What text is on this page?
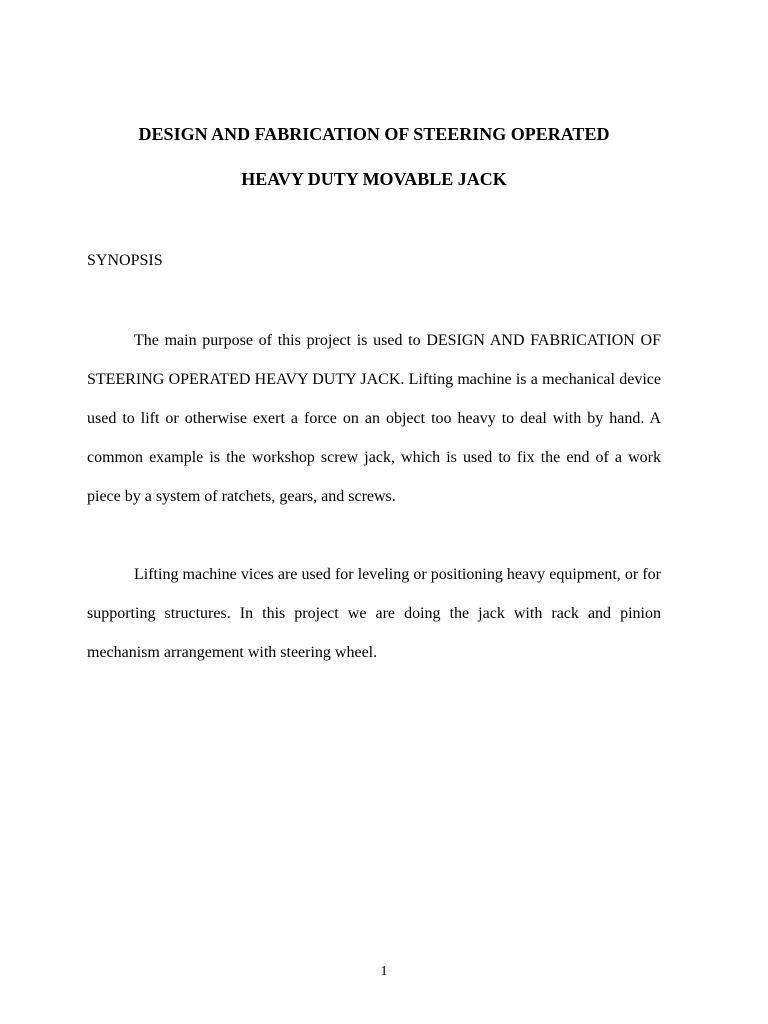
DESIGN AND FABRICATION OF STEERING OPERATED
HEAVY DUTY MOVABLE JACK
SYNOPSIS

The main purpose of this project is used to DESIGN AND FABRICATION OF STEERING OPERATED HEAVY DUTY JACK. Lifting machine is a mechanical device used to lift or otherwise exert a force on an object too heavy to deal with by hand. A common example is the workshop screw jack, which is used to fix the end of a work piece by a system of ratchets, gears, and screws.

Lifting machine vices are used for leveling or positioning heavy equipment, or for supporting structures. In this project we are doing the jack with rack and pinion mechanism arrangement with steering wheel.

1
